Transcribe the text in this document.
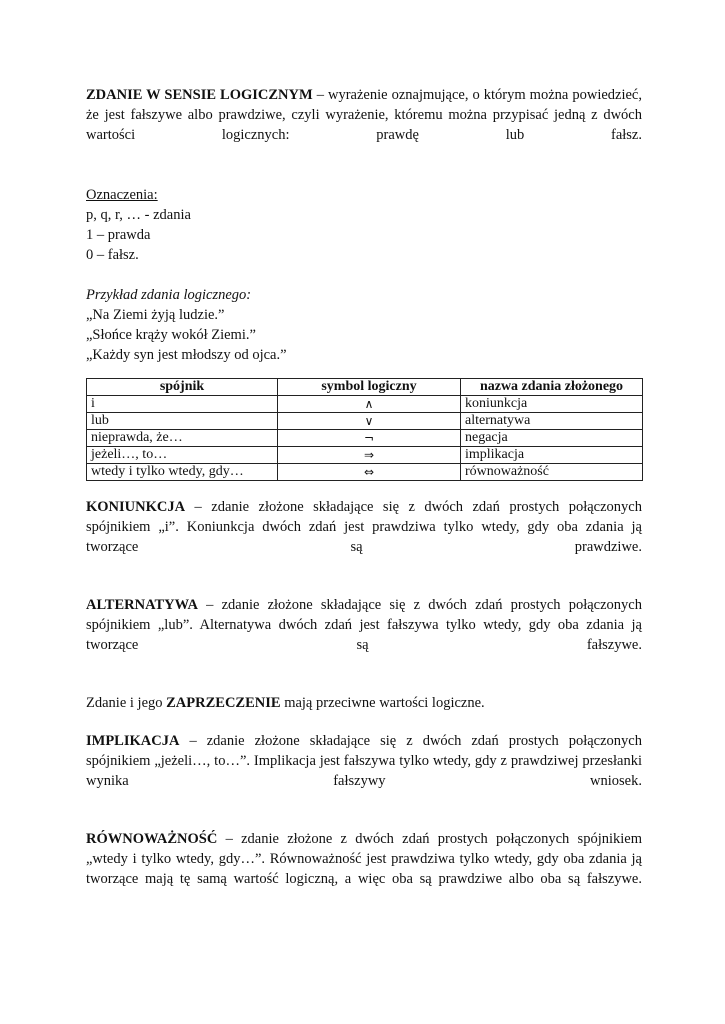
ZDANIE W SENSIE LOGICZNYM – wyrażenie oznajmujące, o którym można powiedzieć, że jest fałszywe albo prawdziwe, czyli wyrażenie, któremu można przypisać jedną z dwóch wartości logicznych: prawdę lub fałsz.

Oznaczenia:

p, q, r, … - zdania

1 – prawda

0 – fałsz.

Przykład zdania logicznego:

„Na Ziemi żyją ludzie.”

„Słońce krąży wokół Ziemi.”

„Każdy syn jest młodszy od ojca.”

spójnik	symbol logiczny	nazwa zdania złożonego
i	∧	koniunkcja
lub	∨	alternatywa
nieprawda, że…	¬	negacja
jeżeli…, to…	⇒	implikacja
wtedy i tylko wtedy, gdy…	⇔	równoważność

KONIUNKCJA – zdanie złożone składające się z dwóch zdań prostych połączonych spójnikiem „i”. Koniunkcja dwóch zdań jest prawdziwa tylko wtedy, gdy oba zdania ją tworzące są prawdziwe.

ALTERNATYWA – zdanie złożone składające się z dwóch zdań prostych połączonych spójnikiem „lub”. Alternatywa dwóch zdań jest fałszywa tylko wtedy, gdy oba zdania ją tworzące są fałszywe.

Zdanie i jego ZAPRZECZENIE mają przeciwne wartości logiczne.

IMPLIKACJA – zdanie złożone składające się z dwóch zdań prostych połączonych spójnikiem „jeżeli…, to…”. Implikacja jest fałszywa tylko wtedy, gdy z prawdziwej przesłanki wynika fałszywy wniosek.

RÓWNOWAŻNOŚĆ – zdanie złożone z dwóch zdań prostych połączonych spójnikiem „wtedy i tylko wtedy, gdy…”. Równoważność jest prawdziwa tylko wtedy, gdy oba zdania ją tworzące mają tę samą wartość logiczną, a więc oba są prawdziwe albo oba są fałszywe.
